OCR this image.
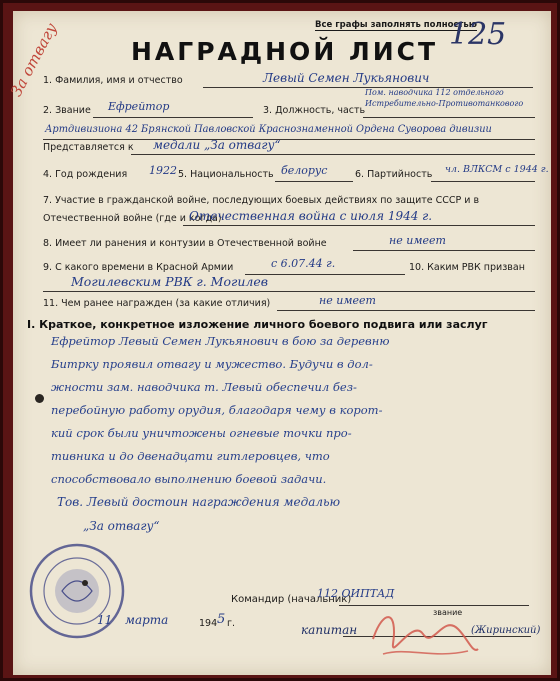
Все графы заполнять полностью
НАГРАДНОЙ ЛИСТ 125
За отвагу
1. Фамилия, имя и отчество	Левый Семен Лукьянович
2. Звание Ефрейтор	3. Должность, часть
Пом. наводчика 112 отдельного Истребительно-Противотанкового
Артдивизиона 42 Брянской Павловской Краснознаменной Ордена Суворова дивизии
Представляется к медали „За отвагу“
4. Год рождения 1922 5. Национальность белорус	6. Партийность чл. ВЛКСМ с 1944 г.
7. Участие в гражданской войне, последующих боевых действиях по защите СССР и в Отечественной войне (где и когда)
Отечественная война с июля 1944 г.
8. Имеет ли ранения и контузии в Отечественной войне	не имеет
9. С какого времени в Красной Армии	с 6.07.44 г.	10. Каким РВК призван
Могилевским РВК г. Могилев
11. Чем ранее награжден (за какие отличия)	не имеет
I. Краткое, конкретное изложение личного боевого подвига или заслуг
Ефрейтор Левый Семен Лукьянович в бою за деревню
Битрку проявил отвагу и мужество. Будучи в дол-
жности зам. наводчика т. Левый обеспечил без-
перебойную работу орудия, благодаря чему в корот-
кий срок были уничтожены огневые точки про-
тивника и до двенадцати гитлеровцев, что
способствовало выполнению боевой задачи.
Тов. Левый достоин награждения медалью
„За отвагу“
11 марта	194 5 г.
Командир (начальник)
112 ОИПТАД
звание
капитан	(Жиринский)
